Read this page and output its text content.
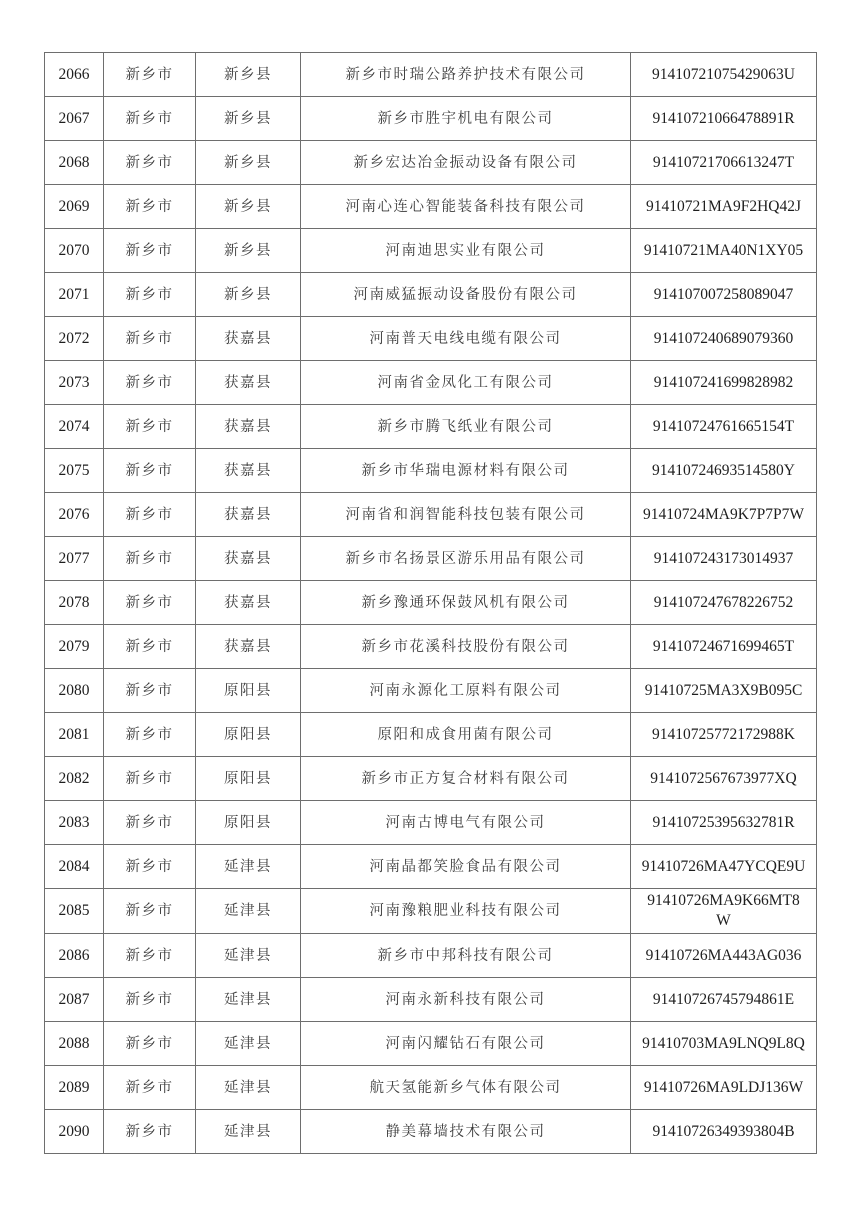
2066	新乡市	新乡县	新乡市时瑞公路养护技术有限公司	91410721075429063U
2067	新乡市	新乡县	新乡市胜宇机电有限公司	91410721066478891R
2068	新乡市	新乡县	新乡宏达冶金振动设备有限公司	91410721706613247T
2069	新乡市	新乡县	河南心连心智能装备科技有限公司	91410721MA9F2HQ42J
2070	新乡市	新乡县	河南迪思实业有限公司	91410721MA40N1XY05
2071	新乡市	新乡县	河南威猛振动设备股份有限公司	914107007258089047
2072	新乡市	获嘉县	河南普天电线电缆有限公司	914107240689079360
2073	新乡市	获嘉县	河南省金凤化工有限公司	914107241699828982
2074	新乡市	获嘉县	新乡市腾飞纸业有限公司	91410724761665154T
2075	新乡市	获嘉县	新乡市华瑞电源材料有限公司	91410724693514580Y
2076	新乡市	获嘉县	河南省和润智能科技包装有限公司	91410724MA9K7P7P7W
2077	新乡市	获嘉县	新乡市名扬景区游乐用品有限公司	914107243173014937
2078	新乡市	获嘉县	新乡豫通环保鼓风机有限公司	914107247678226752
2079	新乡市	获嘉县	新乡市花溪科技股份有限公司	91410724671699465T
2080	新乡市	原阳县	河南永源化工原料有限公司	91410725MA3X9B095C
2081	新乡市	原阳县	原阳和成食用菌有限公司	91410725772172988K
2082	新乡市	原阳县	新乡市正方复合材料有限公司	9141072567673977XQ
2083	新乡市	原阳县	河南古博电气有限公司	91410725395632781R
2084	新乡市	延津县	河南晶都笑脸食品有限公司	91410726MA47YCQE9U
2085	新乡市	延津县	河南豫粮肥业科技有限公司	91410726MA9K66MT8W
2086	新乡市	延津县	新乡市中邦科技有限公司	91410726MA443AG036
2087	新乡市	延津县	河南永新科技有限公司	91410726745794861E
2088	新乡市	延津县	河南闪耀钻石有限公司	91410703MA9LNQ9L8Q
2089	新乡市	延津县	航天氢能新乡气体有限公司	91410726MA9LDJ136W
2090	新乡市	延津县	静美幕墙技术有限公司	91410726349393804B
